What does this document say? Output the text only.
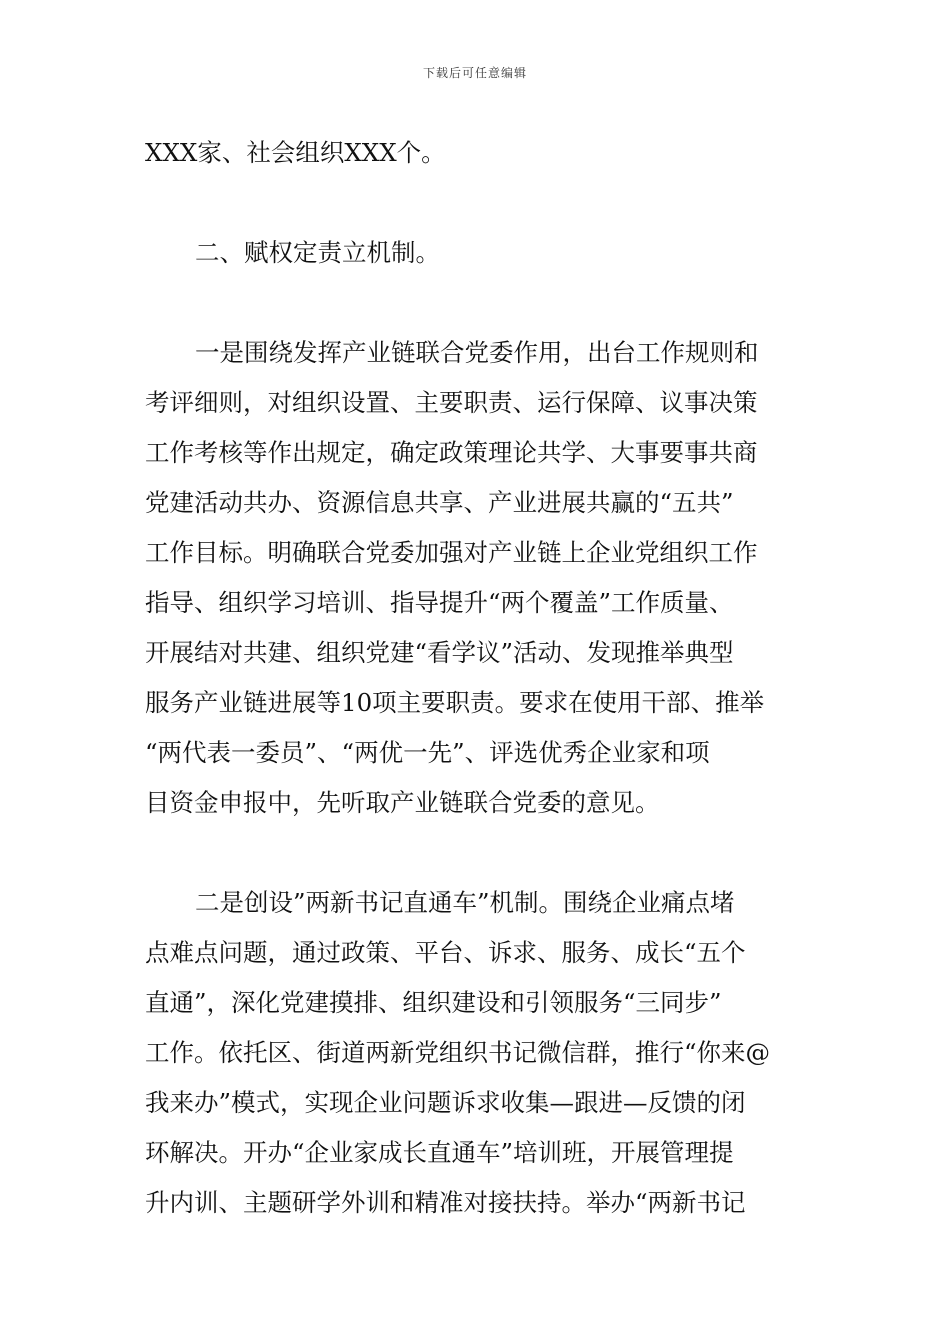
下载后可任意编辑
XXX家、社会组织XXX个。
二、赋权定责立机制。
一是围绕发挥产业链联合党委作用，出台工作规则和
考评细则，对组织设置、主要职责、运行保障、议事决策
工作考核等作出规定，确定政策理论共学、大事要事共商
党建活动共办、资源信息共享、产业进展共赢的“五共”
工作目标。明确联合党委加强对产业链上企业党组织工作
指导、组织学习培训、指导提升“两个覆盖”工作质量、
开展结对共建、组织党建“看学议”活动、发现推举典型
服务产业链进展等10项主要职责。要求在使用干部、推举
“两代表一委员”、“两优一先”、评选优秀企业家和项
目资金申报中，先听取产业链联合党委的意见。
二是创设”两新书记直通车”机制。围绕企业痛点堵
点难点问题，通过政策、平台、诉求、服务、成长“五个
直通”，深化党建摸排、组织建设和引领服务“三同步”
工作。依托区、街道两新党组织书记微信群，推行“你来@
我来办”模式，实现企业问题诉求收集—跟进—反馈的闭
环解决。开办“企业家成长直通车”培训班，开展管理提
升内训、主题研学外训和精准对接扶持。举办“两新书记
